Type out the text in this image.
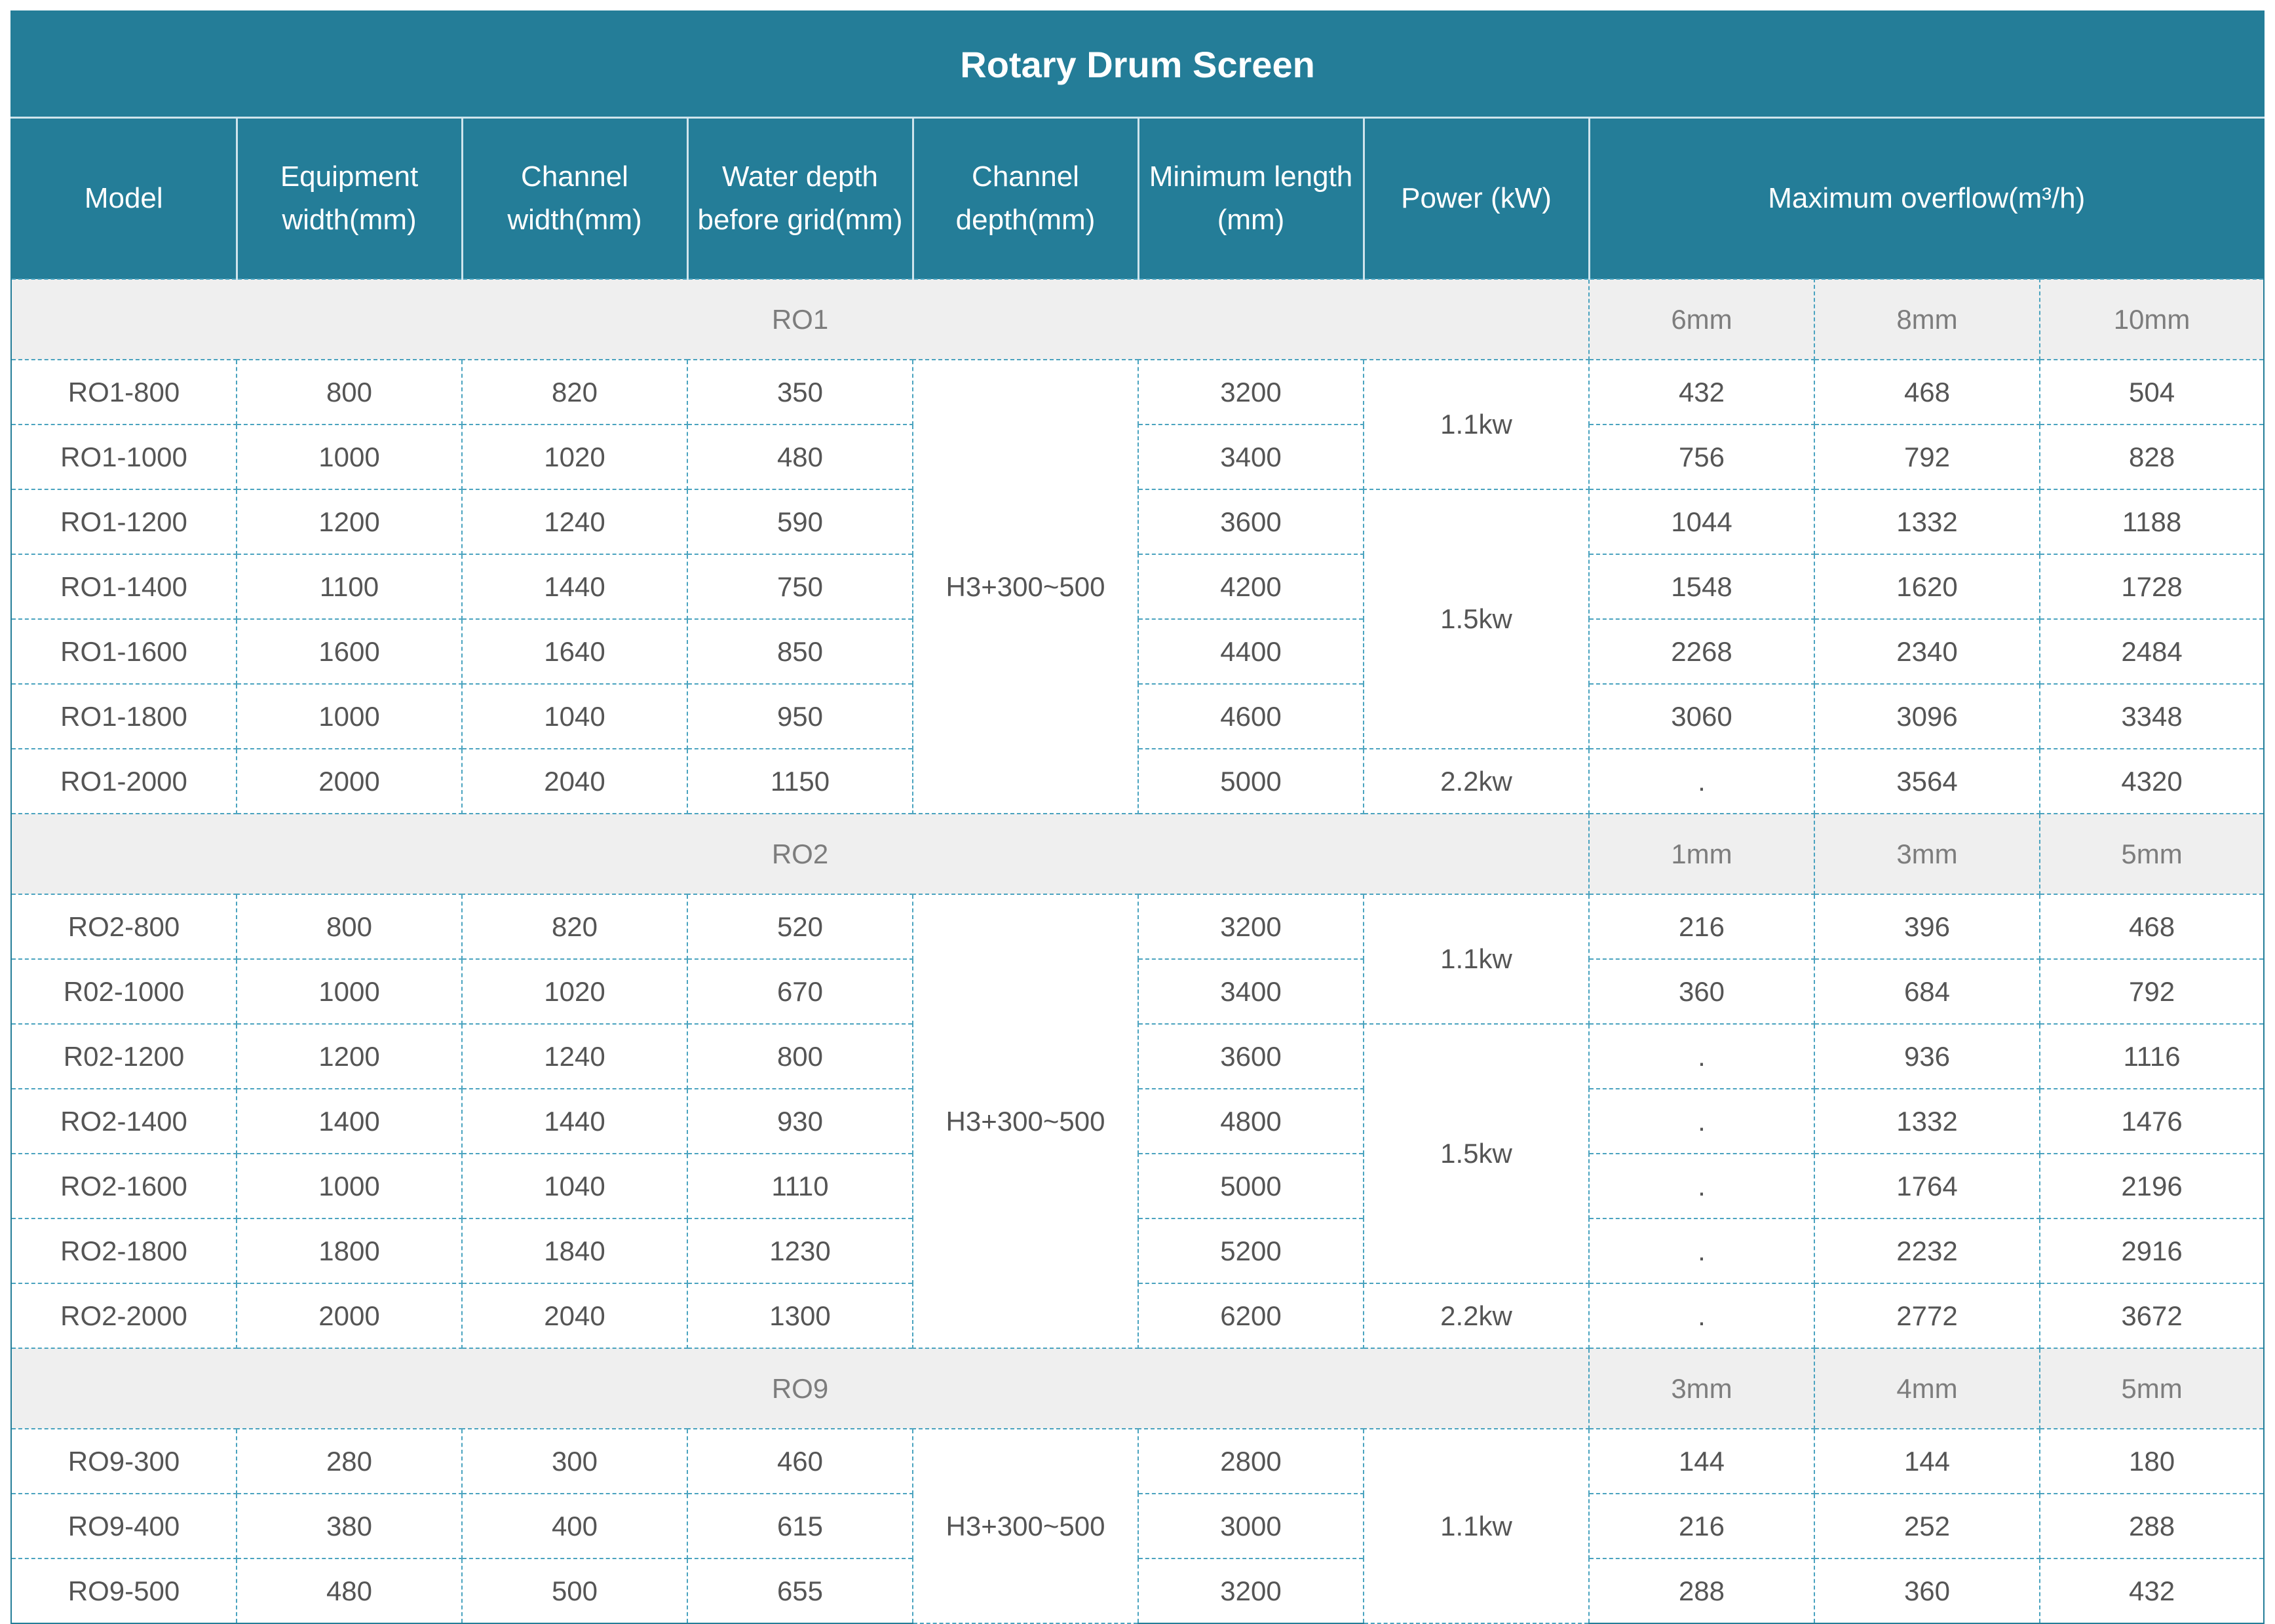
Rotary Drum Screen									
Model	Equipment width(mm)	Channel width(mm)	Water depth before grid(mm)	Channel depth(mm)	Minimum length (mm)	Power (kW)	Maximum overflow(m³/h)		
RO1							6mm	8mm	10mm
RO1-800	800	820	350	H3+300~500	3200	1.1kw	432	468	504
RO1-1000	1000	1020	480		3400		756	792	828
RO1-1200	1200	1240	590		3600	1.5kw	1044	1332	1188
RO1-1400	1100	1440	750		4200		1548	1620	1728
RO1-1600	1600	1640	850		4400		2268	2340	2484
RO1-1800	1000	1040	950		4600		3060	3096	3348
RO1-2000	2000	2040	1150		5000	2.2kw	.	3564	4320
RO2							1mm	3mm	5mm
RO2-800	800	820	520	H3+300~500	3200	1.1kw	216	396	468
R02-1000	1000	1020	670		3400		360	684	792
R02-1200	1200	1240	800		3600	1.5kw	.	936	1116
RO2-1400	1400	1440	930		4800		.	1332	1476
RO2-1600	1000	1040	1110		5000		.	1764	2196
RO2-1800	1800	1840	1230		5200		.	2232	2916
RO2-2000	2000	2040	1300		6200	2.2kw	.	2772	3672
RO9							3mm	4mm	5mm
RO9-300	280	300	460	H3+300~500	2800	1.1kw	144	144	180
RO9-400	380	400	615		3000		216	252	288
RO9-500	480	500	655		3200		288	360	432
